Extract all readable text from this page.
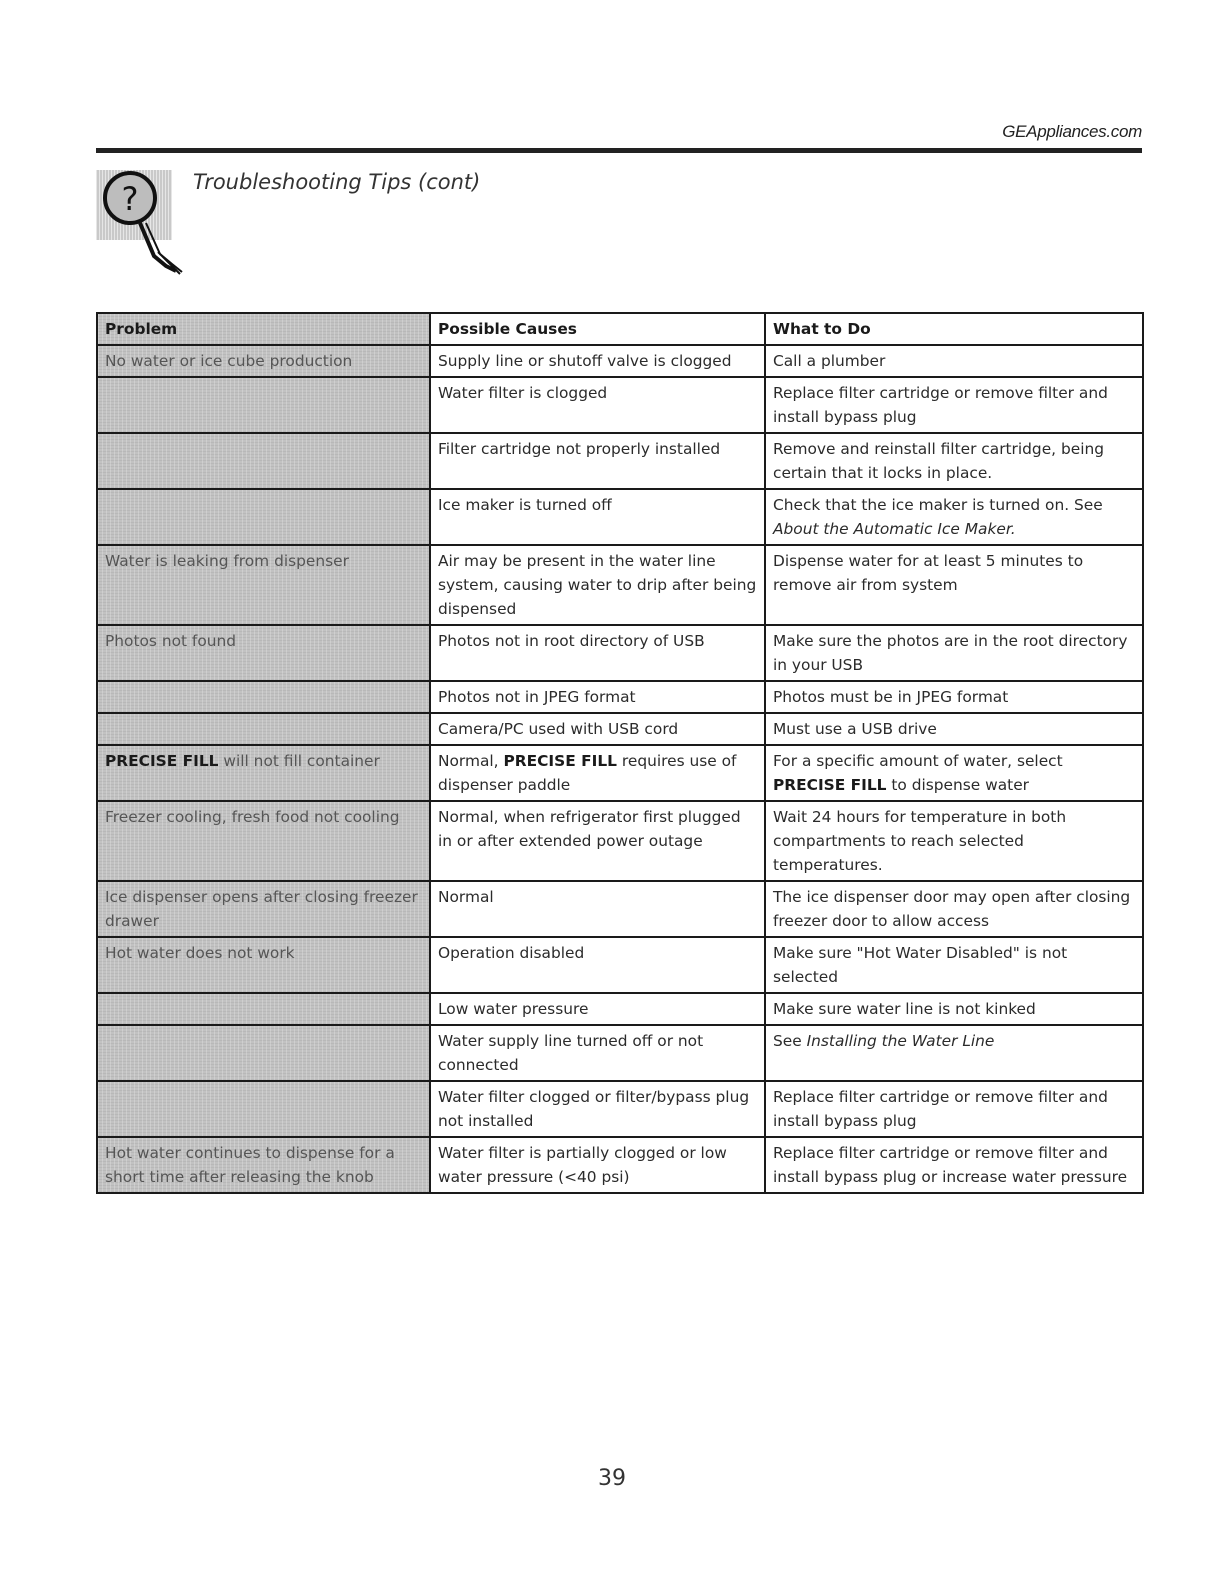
GEAppliances.com
?	Troubleshooting Tips (cont)
Problem	Possible Causes	What to Do
No water or ice cube production	Supply line or shutoff valve is clogged	Call a plumber
	Water filter is clogged	Replace filter cartridge or remove filter and install bypass plug
	Filter cartridge not properly installed	Remove and reinstall filter cartridge, being certain that it locks in place.
	Ice maker is turned off	Check that the ice maker is turned on. See About the Automatic Ice Maker.
Water is leaking from dispenser	Air may be present in the water line system, causing water to drip after being dispensed	Dispense water for at least 5 minutes to remove air from system
Photos not found	Photos not in root directory of USB	Make sure the photos are in the root directory in your USB
	Photos not in JPEG format	Photos must be in JPEG format
	Camera/PC used with USB cord	Must use a USB drive
PRECISE FILL will not fill container	Normal, PRECISE FILL requires use of dispenser paddle	For a specific amount of water, select PRECISE FILL to dispense water
Freezer cooling, fresh food not cooling	Normal, when refrigerator first plugged in or after extended power outage	Wait 24 hours for temperature in both compartments to reach selected temperatures.
Ice dispenser opens after closing freezer drawer	Normal	The ice dispenser door may open after closing freezer door to allow access
Hot water does not work	Operation disabled	Make sure "Hot Water Disabled" is not selected
	Low water pressure	Make sure water line is not kinked
	Water supply line turned off or not connected	See Installing the Water Line
	Water filter clogged or filter/bypass plug not installed	Replace filter cartridge or remove filter and install bypass plug
Hot water continues to dispense for a short time after releasing the knob	Water filter is partially clogged or low water pressure (<40 psi)	Replace filter cartridge or remove filter and install bypass plug or increase water pressure
39
